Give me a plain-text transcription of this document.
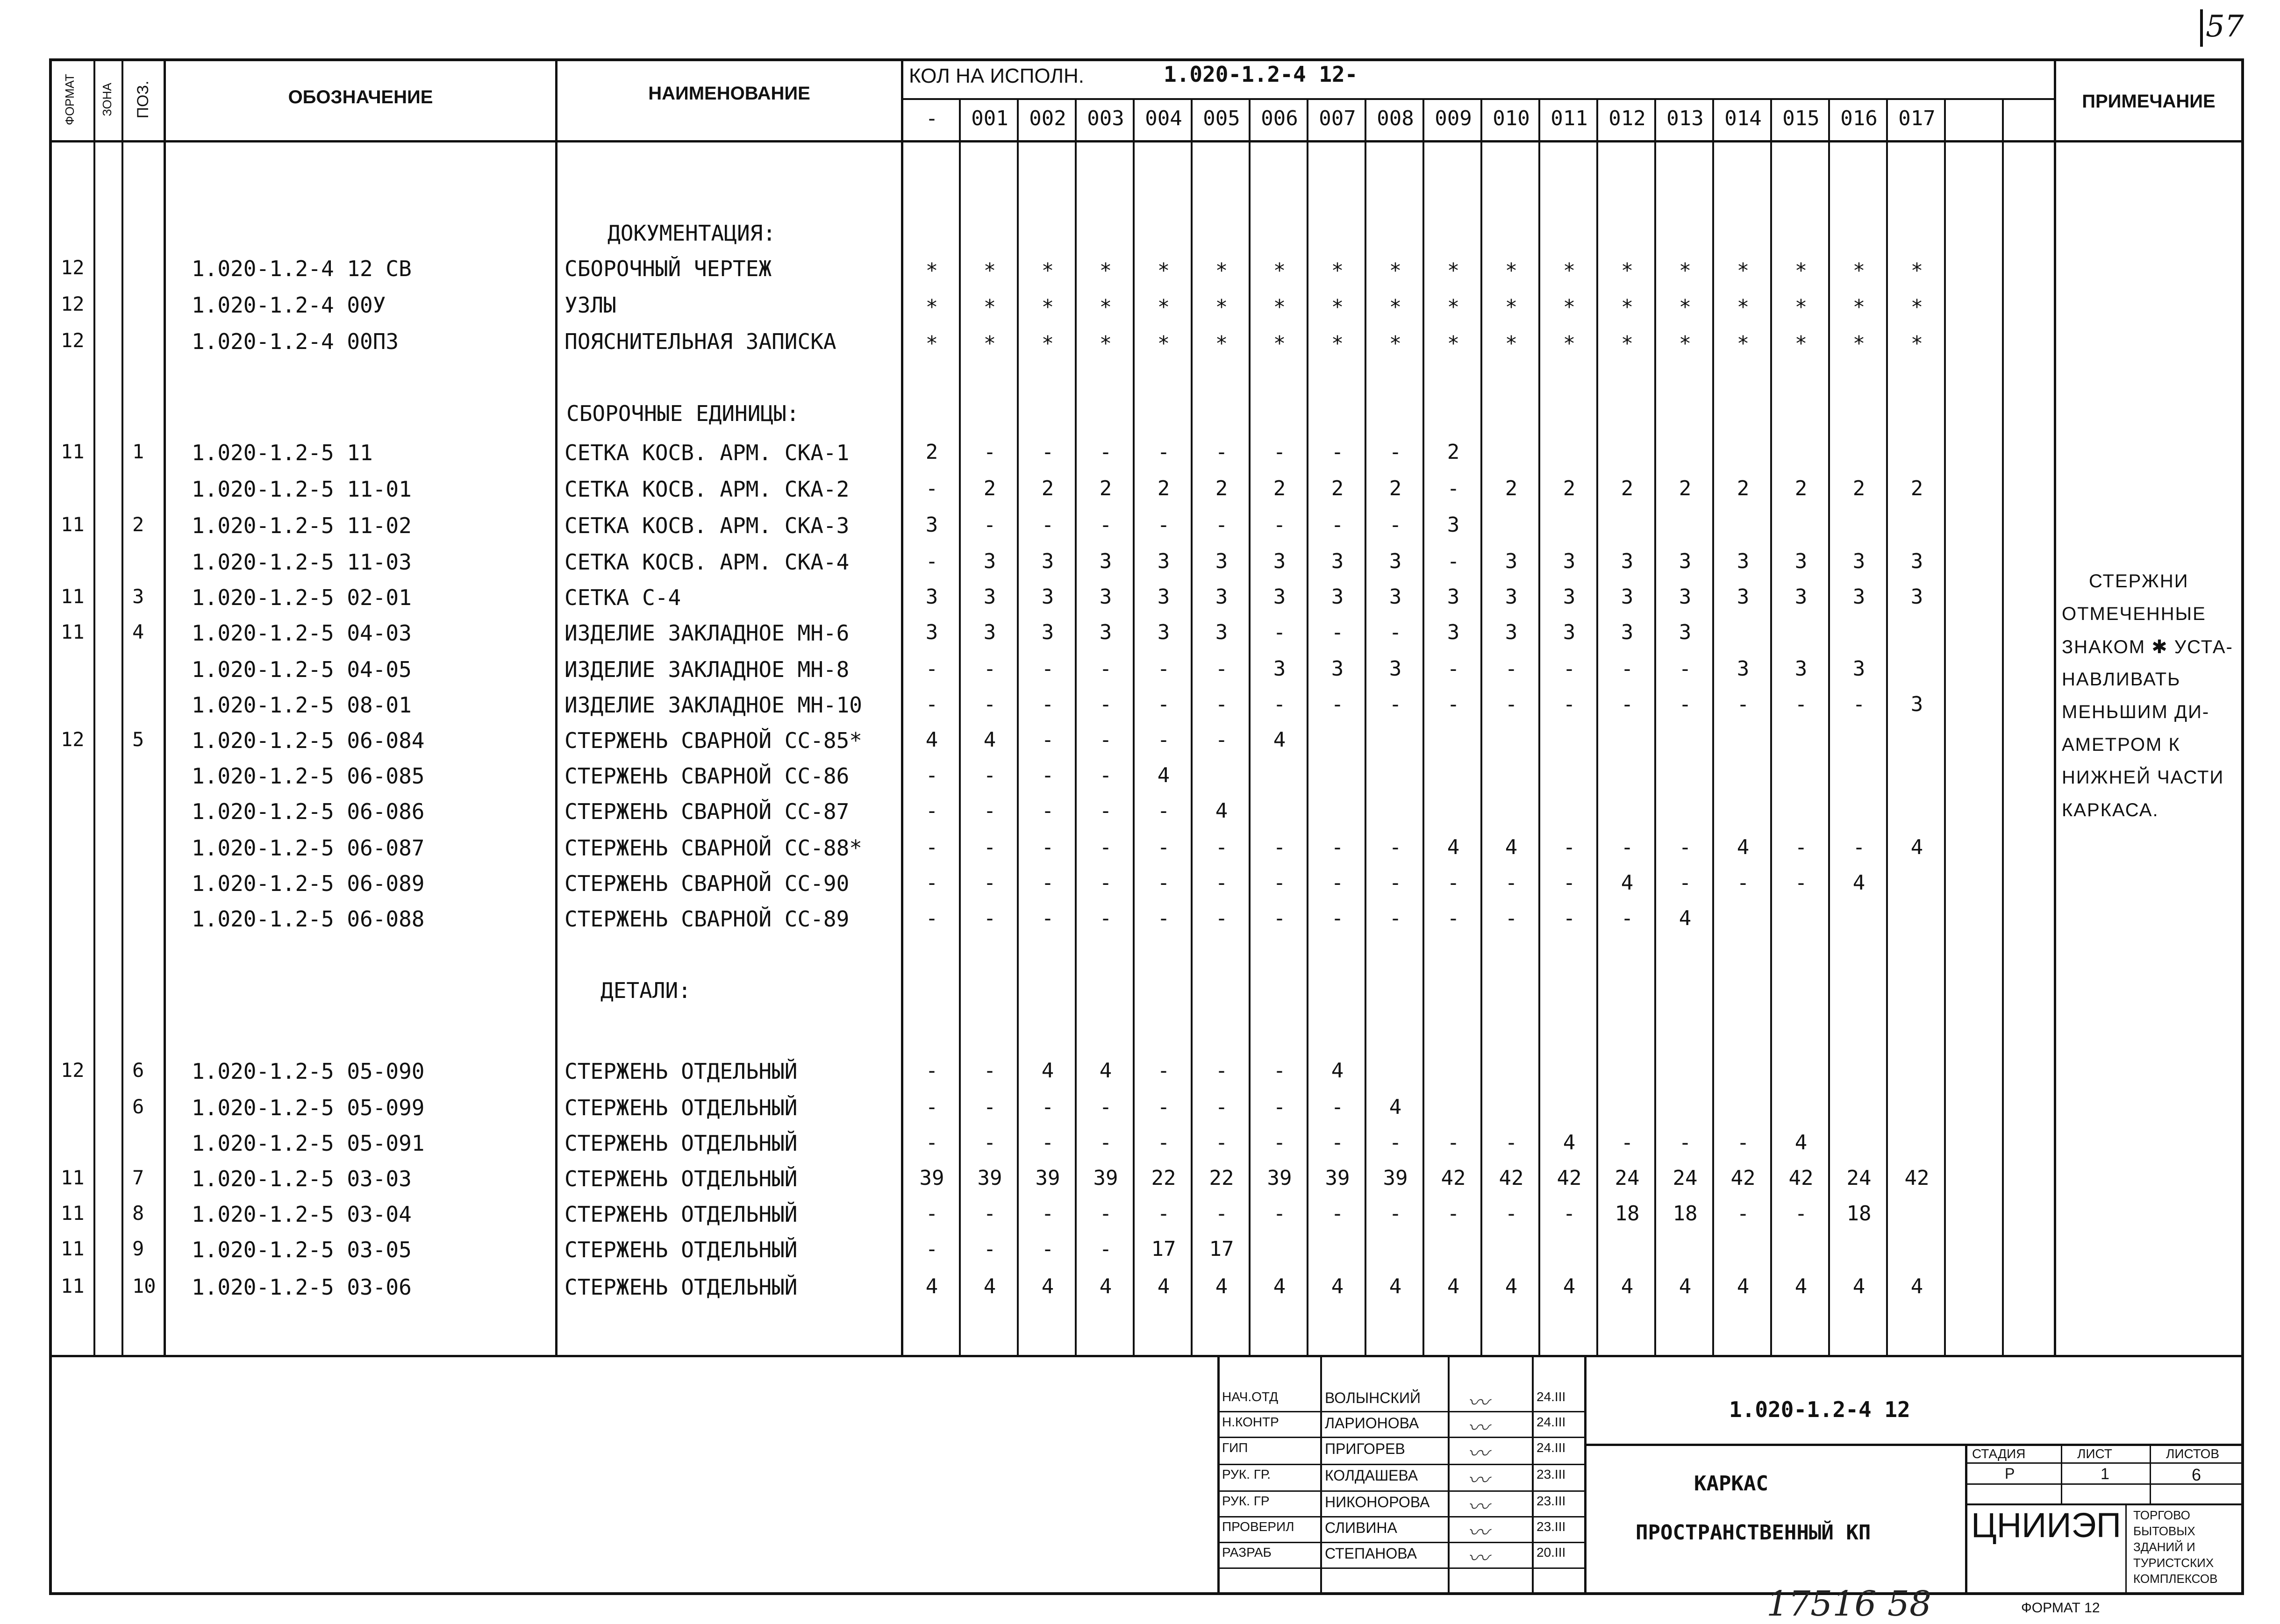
57
ФОРМАТ ЗОНА ПОЗ.	ОБОЗНАЧЕНИЕ	НАИМЕНОВАНИЕ
КОЛ НА ИСПОЛН.	1.020-1.2-4 12-
ПРИМЕЧАНИЕ
-	001	002	003	004	005	006	007	008	009	010	011	012	013	014	015	016	017
12	1.020-1.2-4 12 СВ	СБОРОЧНЫЙ ЧЕРТЕЖ	*	*	*	*	*	*	*	*	*	*	*	*	*	*	*	*	*	*
12	1.020-1.2-4 00У	УЗЛЫ	*	*	*	*	*	*	*	*	*	*	*	*	*	*	*	*	*	*
12	1.020-1.2-4 00ПЗ	ПОЯСНИТЕЛЬНАЯ ЗАПИСКА	*	*	*	*	*	*	*	*	*	*	*	*	*	*	*	*	*	*
11 1 1.020-1.2-5 11	СЕТКА КОСВ. АРМ. СКА-1	2	-	-	-	-	-	-	-	-	2
1.020-1.2-5 11-01	СЕТКА КОСВ. АРМ. СКА-2	-	2	2	2	2	2	2	2	2	-	2	2	2	2	2	2	2	2
11 2 1.020-1.2-5 11-02	СЕТКА КОСВ. АРМ. СКА-3	3	-	-	-	-	-	-	-	-	3
1.020-1.2-5 11-03	СЕТКА КОСВ. АРМ. СКА-4	-	3	3	3	3	3	3	3	3	-	3	3	3	3	3	3	3	3
11 3 1.020-1.2-5 02-01	СЕТКА С-4	3	3	3	3	3	3	3	3	3	3	3	3	3	3	3	3	3	3
11 4 1.020-1.2-5 04-03	ИЗДЕЛИЕ ЗАКЛАДНОЕ МН-6	3	3	3	3	3	3	-	-	-	3	3	3	3	3
1.020-1.2-5 04-05	ИЗДЕЛИЕ ЗАКЛАДНОЕ МН-8	-	-	-	-	-	-	3	3	3	-	-	-	-	-	3	3	3
1.020-1.2-5 08-01	ИЗДЕЛИЕ ЗАКЛАДНОЕ МН-10	-	-	-	-	-	-	-	-	-	-	-	-	-	-	-	-	-	3
12 5 1.020-1.2-5 06-084	СТЕРЖЕНЬ СВАРНОЙ СС-85*	4	4	-	-	-	-	4
1.020-1.2-5 06-085	СТЕРЖЕНЬ СВАРНОЙ СС-86	-	-	-	-	4
1.020-1.2-5 06-086	СТЕРЖЕНЬ СВАРНОЙ СС-87	-	-	-	-	-	4
1.020-1.2-5 06-087	СТЕРЖЕНЬ СВАРНОЙ СС-88*	-	-	-	-	-	-	-	-	-	4	4	-	-	-	4	-	-	4
1.020-1.2-5 06-089	СТЕРЖЕНЬ СВАРНОЙ СС-90	-	-	-	-	-	-	-	-	-	-	-	-	4	-	-	-	4
1.020-1.2-5 06-088	СТЕРЖЕНЬ СВАРНОЙ СС-89	-	-	-	-	-	-	-	-	-	-	-	-	-	4
12 6 1.020-1.2-5 05-090	СТЕРЖЕНЬ ОТДЕЛЬНЫЙ	-	-	4	4	-	-	-	4
6 1.020-1.2-5 05-099	СТЕРЖЕНЬ ОТДЕЛЬНЫЙ	-	-	-	-	-	-	-	-	4
1.020-1.2-5 05-091	СТЕРЖЕНЬ ОТДЕЛЬНЫЙ	-	-	-	-	-	-	-	-	-	-	-	4	-	-	-	4
11 7 1.020-1.2-5 03-03	СТЕРЖЕНЬ ОТДЕЛЬНЫЙ	39	39	39	39	22	22	39	39	39	42	42	42	24	24	42	42	24	42
11 8 1.020-1.2-5 03-04	СТЕРЖЕНЬ ОТДЕЛЬНЫЙ	-	-	-	-	-	-	-	-	-	-	-	-	18	18	-	-	18
11 9 1.020-1.2-5 03-05	СТЕРЖЕНЬ ОТДЕЛЬНЫЙ	-	-	-	-	17	17
11 10 1.020-1.2-5 03-06	СТЕРЖЕНЬ ОТДЕЛЬНЫЙ	4	4	4	4	4	4	4	4	4	4	4	4	4	4	4	4	4	4
ДОКУМЕНТАЦИЯ:
СБОРОЧНЫЕ ЕДИНИЦЫ:
ДЕТАЛИ:
СТЕРЖНИ
ОТМЕЧЕННЫЕ
ЗНАКОМ ✱ УСТА-
НАВЛИВАТЬ
МЕНЬШИМ ДИ-
АМЕТРОМ К
НИЖНЕЙ ЧАСТИ
КАРКАСА.
НАЧ.ОТД	ВОЛЫНСКИЙ	24.III
〰
Н.КОНТР	ЛАРИОНОВА	24.III
〰
ГИП	ПРИГОРЕВ	24.III
〰
РУК. ГР.	КОЛДАШЕВА	23.III
〰
РУК. ГР	НИКОНОРОВА	23.III
〰
ПРОВЕРИЛ СЛИВИНА	23.III
〰
РАЗРАБ	СТЕПАНОВА	20.III
〰
1.020-1.2-4 12
КАРКАС
ПРОСТРАНСТВЕННЫЙ КП
СТАДИЯ	ЛИСТ	ЛИСТОВ
Р	1	6
ЦНИИЭП ТОРГОВО
БЫТОВЫХ
ЗДАНИЙ И
ТУРИСТСКИХ
КОМПЛЕКСОВ
17516 58	ФОРМАТ 12
